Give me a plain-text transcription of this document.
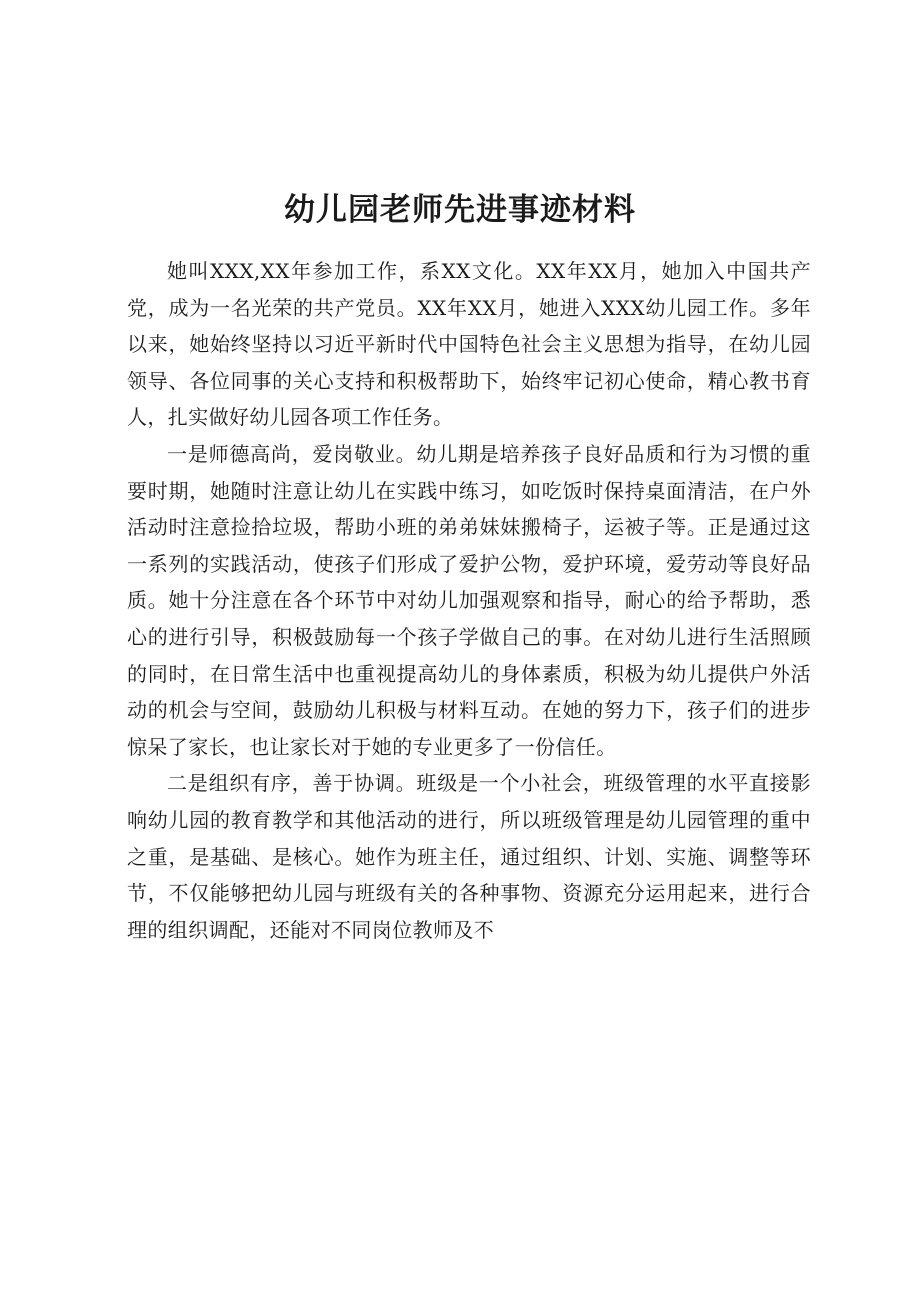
幼儿园老师先进事迹材料

她叫XXX,XX年参加工作，系XX文化。XX年XX月，她加入中国共产党，成为一名光荣的共产党员。XX年XX月，她进入XXX幼儿园工作。多年以来，她始终坚持以习近平新时代中国特色社会主义思想为指导，在幼儿园领导、各位同事的关心支持和积极帮助下，始终牢记初心使命，精心教书育人，扎实做好幼儿园各项工作任务。

一是师德高尚，爱岗敬业。幼儿期是培养孩子良好品质和行为习惯的重要时期，她随时注意让幼儿在实践中练习，如吃饭时保持桌面清洁，在户外活动时注意捡拾垃圾，帮助小班的弟弟妹妹搬椅子，运被子等。正是通过这一系列的实践活动，使孩子们形成了爱护公物，爱护环境，爱劳动等良好品质。她十分注意在各个环节中对幼儿加强观察和指导，耐心的给予帮助，悉心的进行引导，积极鼓励每一个孩子学做自己的事。在对幼儿进行生活照顾的同时，在日常生活中也重视提高幼儿的身体素质，积极为幼儿提供户外活动的机会与空间，鼓励幼儿积极与材料互动。在她的努力下，孩子们的进步惊呆了家长，也让家长对于她的专业更多了一份信任。

二是组织有序，善于协调。班级是一个小社会，班级管理的水平直接影响幼儿园的教育教学和其他活动的进行，所以班级管理是幼儿园管理的重中之重，是基础、是核心。她作为班主任，通过组织、计划、实施、调整等环节，不仅能够把幼儿园与班级有关的各种事物、资源充分运用起来，进行合理的组织调配，还能对不同岗位教师及不
